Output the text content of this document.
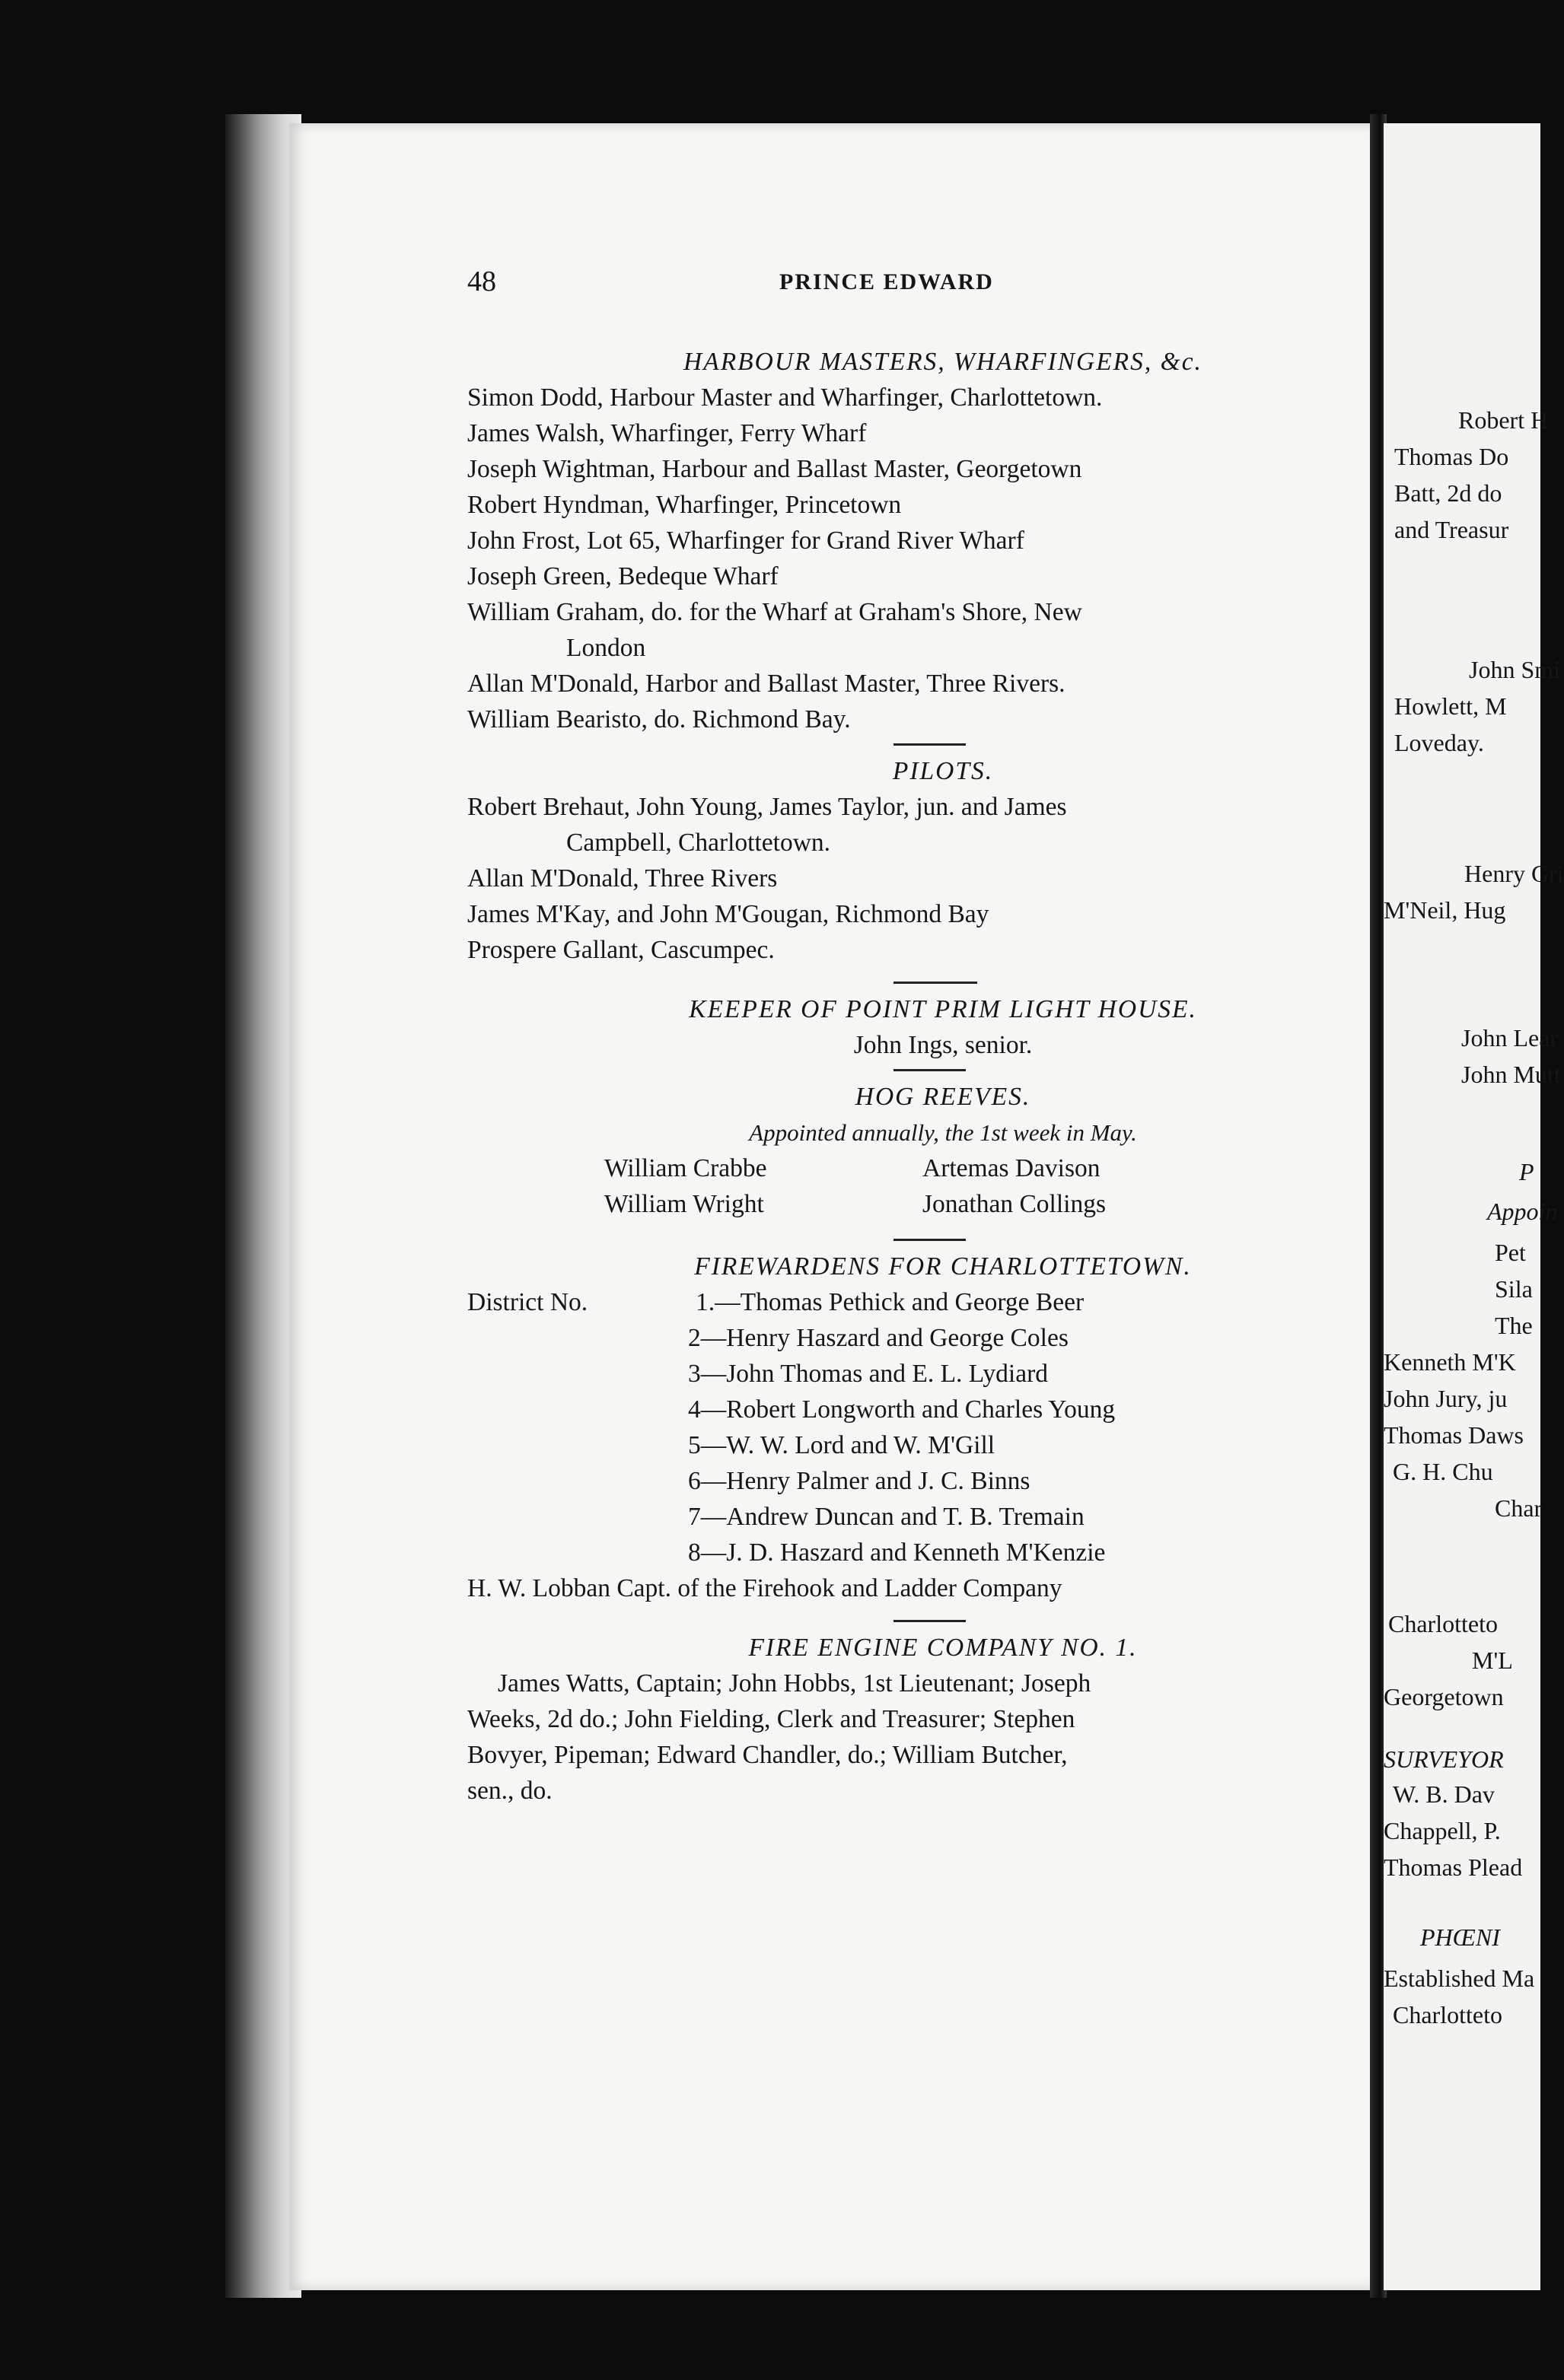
Robert H
Thomas Do
Batt, 2d do
and Treasur
John Smi
Howlett, M
Loveday.
Henry Gri
M'Neil, Hug
John Lear
John Mutt
P
Appoin
Pet
Sila
The
Kenneth M'K
John Jury, ju
Thomas Daws
G. H. Chu
Char
Charlotteto
M'L
Georgetown
SURVEYOR
W. B. Dav
Chappell, P.
Thomas Plead
PHŒNI
Established Ma
Charlotteto
48	PRINCE EDWARD
HARBOUR MASTERS, WHARFINGERS, &c.
Simon Dodd, Harbour Master and Wharfinger, Charlottetown.
James Walsh, Wharfinger, Ferry Wharf
Joseph Wightman, Harbour and Ballast Master, Georgetown
Robert Hyndman, Wharfinger, Princetown
John Frost, Lot 65, Wharfinger for Grand River Wharf
Joseph Green, Bedeque Wharf
William Graham, do. for the Wharf at Graham's Shore, New
London
Allan M'Donald, Harbor and Ballast Master, Three Rivers.
William Bearisto, do. Richmond Bay.
PILOTS.
Robert Brehaut, John Young, James Taylor, jun. and James
Campbell, Charlottetown.
Allan M'Donald, Three Rivers
James M'Kay, and John M'Gougan, Richmond Bay
Prospere Gallant, Cascumpec.
KEEPER OF POINT PRIM LIGHT HOUSE.
John Ings, senior.
HOG REEVES.
Appointed annually, the 1st week in May.
William Crabbe	Artemas Davison
William Wright	Jonathan Collings
FIREWARDENS FOR CHARLOTTETOWN.
District No.	1.—Thomas Pethick and George Beer
2—Henry Haszard and George Coles
3—John Thomas and E. L. Lydiard
4—Robert Longworth and Charles Young
5—W. W. Lord and W. M'Gill
6—Henry Palmer and J. C. Binns
7—Andrew Duncan and T. B. Tremain
8—J. D. Haszard and Kenneth M'Kenzie
H. W. Lobban Capt. of the Firehook and Ladder Company
FIRE ENGINE COMPANY NO. 1.
James Watts, Captain; John Hobbs, 1st Lieutenant; Joseph
Weeks, 2d do.; John Fielding, Clerk and Treasurer; Stephen
Bovyer, Pipeman; Edward Chandler, do.; William Butcher,
sen., do.
